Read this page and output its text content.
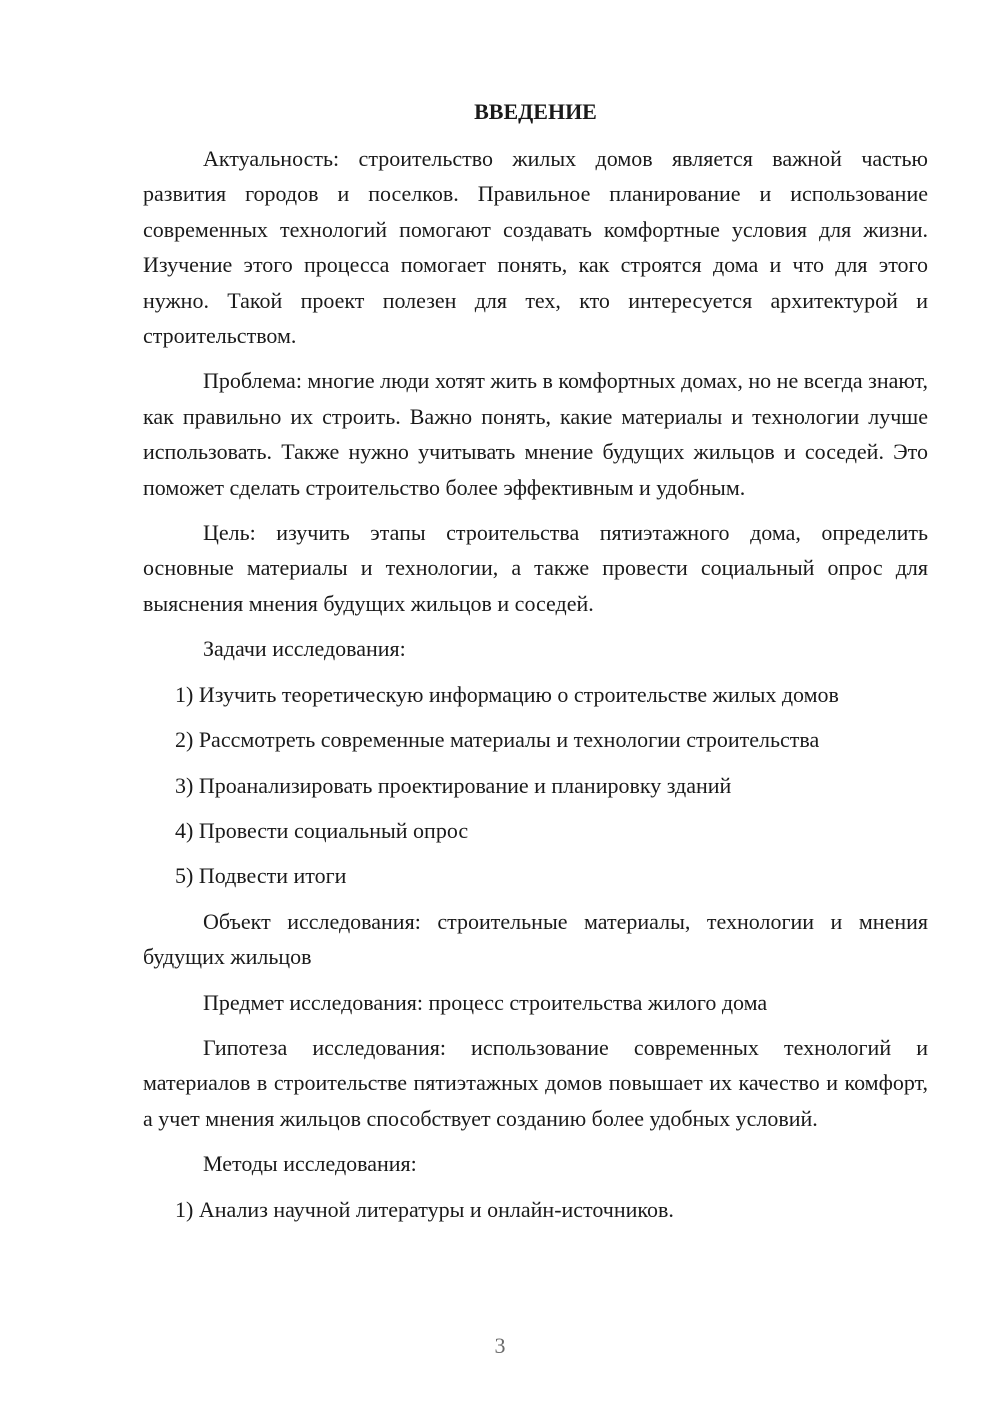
ВВЕДЕНИЕ

Актуальность: строительство жилых домов является важной частью развития городов и поселков. Правильное планирование и использование современных технологий помогают создавать комфортные условия для жизни. Изучение этого процесса помогает понять, как строятся дома и что для этого нужно. Такой проект полезен для тех, кто интересуется архитектурой и строительством.

Проблема: многие люди хотят жить в комфортных домах, но не всегда знают, как правильно их строить. Важно понять, какие материалы и технологии лучше использовать. Также нужно учитывать мнение будущих жильцов и соседей. Это поможет сделать строительство более эффективным и удобным.

Цель: изучить этапы строительства пятиэтажного дома, определить основные материалы и технологии, а также провести социальный опрос для выяснения мнения будущих жильцов и соседей.

Задачи исследования:

1) Изучить теоретическую информацию о строительстве жилых домов

2) Рассмотреть современные материалы и технологии строительства

3) Проанализировать проектирование и планировку зданий

4) Провести социальный опрос

5) Подвести итоги

Объект исследования: строительные материалы, технологии и мнения будущих жильцов

Предмет исследования: процесс строительства жилого дома

Гипотеза исследования: использование современных технологий и материалов в строительстве пятиэтажных домов повышает их качество и комфорт, а учет мнения жильцов способствует созданию более удобных условий.

Методы исследования:

1) Анализ научной литературы и онлайн-источников.

3
